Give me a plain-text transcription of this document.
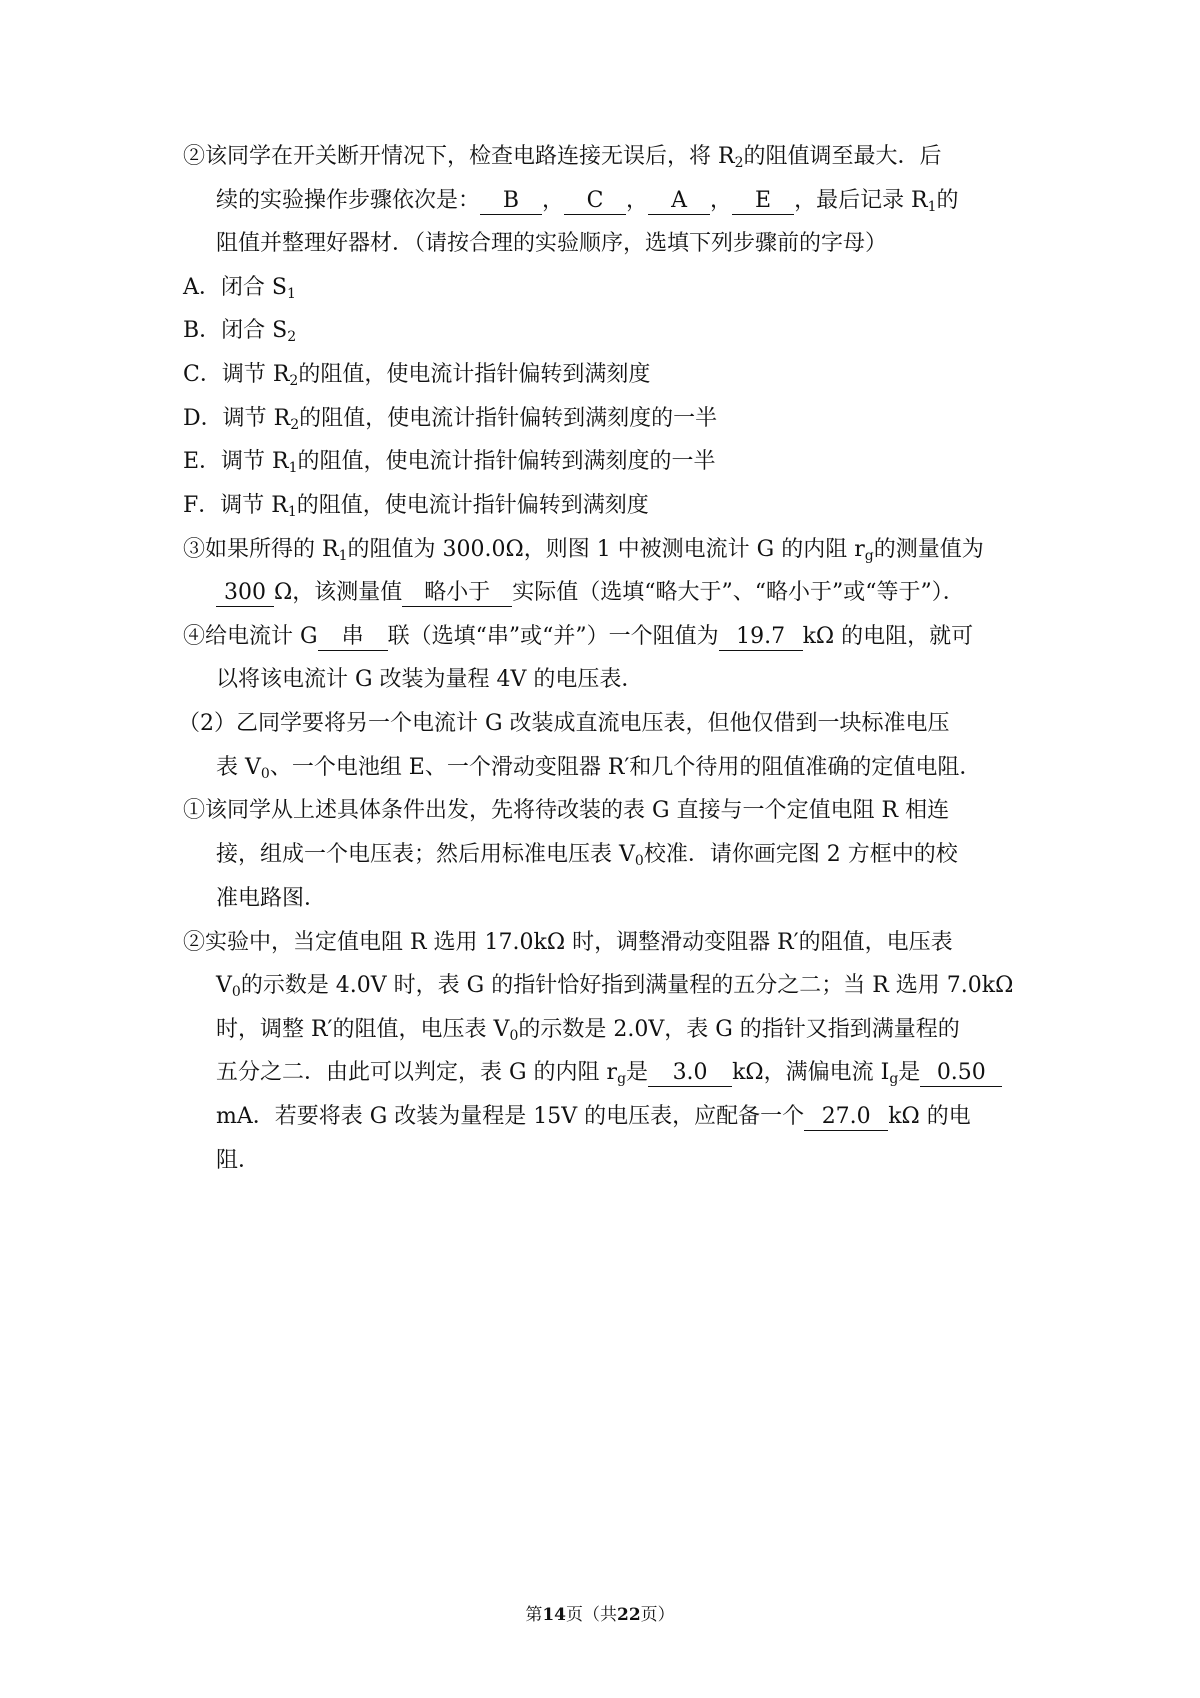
②该同学在开关断开情况下，检查电路连接无误后，将 $R_2$的阻值调至最大．后
续的实验操作步骤依次是： B ， C ， A ， E ，最后记录 $R_1$的
阻值并整理好器材．（请按合理的实验顺序，选填下列步骤前的字母）
A．闭合 $S_1$
B．闭合 $S_2$
C．调节 $R_2$的阻值，使电流计指针偏转到满刻度
D．调节 $R_2$的阻值，使电流计指针偏转到满刻度的一半
E．调节 $R_1$的阻值，使电流计指针偏转到满刻度的一半
F．调节 $R_1$的阻值，使电流计指针偏转到满刻度
③如果所得的 $R_1$的阻值为 300.0Ω，则图 1 中被测电流计 G 的内阻 $r_g$的测量值为
300 Ω，该测量值 略小于 实际值（选填“略大于”、“略小于”或“等于”）．
④给电流计 G 串 联（选填“串”或“并”）一个阻值为 19.7 kΩ 的电阻，就可
以将该电流计 G 改装为量程 4V 的电压表．
（2）乙同学要将另一个电流计 G 改装成直流电压表，但他仅借到一块标准电压
表 $V_0$、一个电池组 E、一个滑动变阻器 R′和几个待用的阻值准确的定值电阻．
①该同学从上述具体条件出发，先将待改装的表 G 直接与一个定值电阻 R 相连
接，组成一个电压表；然后用标准电压表 $V_0$校准．请你画完图 2 方框中的校
准电路图．
②实验中，当定值电阻 R 选用 17.0kΩ 时，调整滑动变阻器 R′的阻值，电压表
$V_0$的示数是 4.0V 时，表 G 的指针恰好指到满量程的五分之二；当 R 选用 7.0kΩ
时，调整 R′的阻值，电压表 $V_0$的示数是 2.0V，表 G 的指针又指到满量程的
五分之二．由此可以判定，表 G 的内阻 $r_g$是 3.0 kΩ，满偏电流 $I_g$是 0.50
mA．若要将表 G 改装为量程是 15V 的电压表，应配备一个 27.0 kΩ 的电
阻．
第14页（共22页）
